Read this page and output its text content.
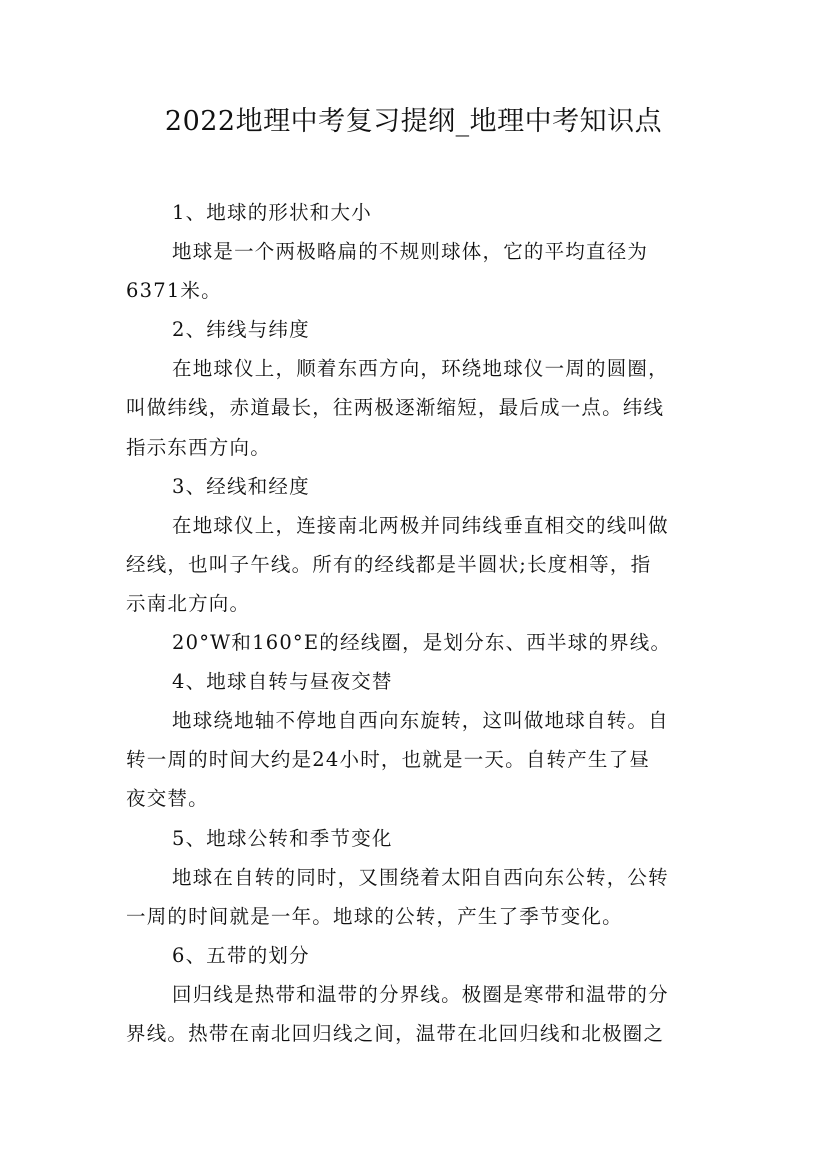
2022地理中考复习提纲_地理中考知识点
1、地球的形状和大小
地球是一个两极略扁的不规则球体，它的平均直径为
6371米。
2、纬线与纬度
在地球仪上，顺着东西方向，环绕地球仪一周的圆圈，
叫做纬线，赤道最长，往两极逐渐缩短，最后成一点。纬线
指示东西方向。
3、经线和经度
在地球仪上，连接南北两极并同纬线垂直相交的线叫做
经线，也叫子午线。所有的经线都是半圆状;长度相等，指
示南北方向。
20°W和160°E的经线圈，是划分东、西半球的界线。
4、地球自转与昼夜交替
地球绕地轴不停地自西向东旋转，这叫做地球自转。自
转一周的时间大约是24小时，也就是一天。自转产生了昼
夜交替。
5、地球公转和季节变化
地球在自转的同时，又围绕着太阳自西向东公转，公转
一周的时间就是一年。地球的公转，产生了季节变化。
6、五带的划分
回归线是热带和温带的分界线。极圈是寒带和温带的分
界线。热带在南北回归线之间，温带在北回归线和北极圈之
